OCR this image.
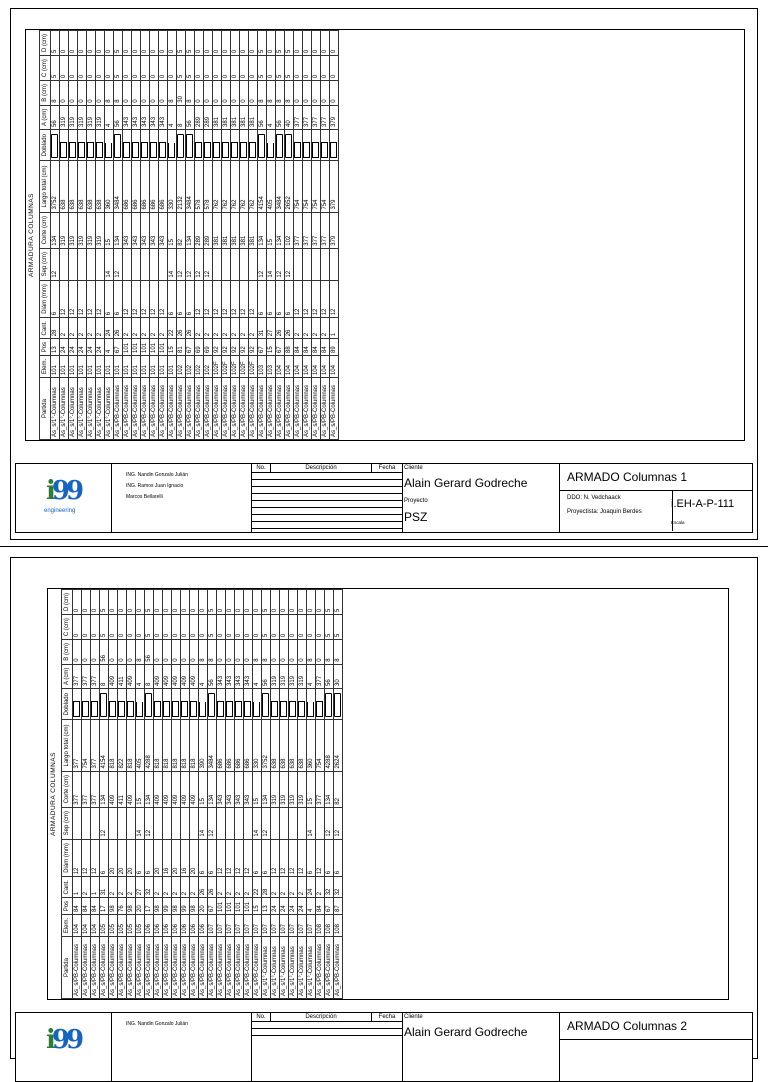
ARMADURA COLUMNAS												
Partida	Elem.	Pos	Cant.	Diám (mm)	Sep (cm)	Corte (cm)	Largo total (cm)	Doblado	A (cm)	B (cm)	C (cm)	D (cm)
As_s/1°-Columnas	101	13	28	6	12	134	3752		56	8	5	5
As_s/1°-Columnas	101	24	2	12		319	638		319	0	0	0
As_s/1°-Columnas	101	24	2	12		319	638		319	0	0	0
As_s/1°-Columnas	101	24	2	12		319	638		319	0	0	0
As_s/1°-Columnas	101	24	2	12		319	638		319	0	0	0
As_s/1°-Columnas	101	24	2	12		319	638		319	0	0	0
As_s/1°-Columnas	101	4	24	6	14	15	360		4	8	0	0
As_s/PB-Columnas	101	67	26	6	12	134	3484		56	8	5	5
As_s/PB-Columnas	101	101	2	12		343	686		343	0	0	0
As_s/PB-Columnas	101	101	2	12		343	686		343	0	0	0
As_s/PB-Columnas	101	101	2	12		343	686		343	0	0	0
As_s/PB-Columnas	101	101	2	12		343	686		343	0	0	0
As_s/PB-Columnas	101	101	2	12		343	686		343	0	0	0
As_s/PB-Columnas	101	15	22	6	14	15	330		4	8	0	0
As_s/PB-Columnas	102	81	26	6	12	82	2132		8	30	5	5
As_s/PB-Columnas	102	67	26	6	12	134	3484		56	8	5	5
As_s/PB-Columnas	102	69	2	12	12	289	578		289	0	0	0
As_s/PB-Columnas	102	69	2	12	12	289	578		289	0	0	0
As_s/PB-Columnas	102F	92	2	12		381	762		381	0	0	0
As_s/PB-Columnas	102F	92	2	12		381	762		381	0	0	0
As_s/PB-Columnas	102F	92	2	12		381	762		381	0	0	0
As_s/PB-Columnas	102F	92	2	12		381	762		381	0	0	0
As_s/PB-Columnas	102F	92	2	12		381	762		381	0	0	0
As_s/PB-Columnas	103	67	31	6	12	134	4154		56	8	5	5
As_s/PB-Columnas	103	15	27	6	14	15	405		4	8	0	0
As_s/PB-Columnas	104	67	26	6	12	134	3484		56	8	5	5
As_s/PB-Columnas	104	88	26	6	12	102	2652		40	8	5	5
As_s/PB-Columnas	104	84	2	12		377	754		377	0	0	0
As_s/PB-Columnas	104	84	2	12		377	754		377	0	0	0
As_s/PB-Columnas	104	84	2	12		377	754		377	0	0	0
As_s/PB-Columnas	104	84	2	12		377	754		377	0	0	0
As_s/PB-Columnas	104	89	1	12		379	379		379	0	0	0
i99
engineering
ING. Nandin Gonzalo Julián
ING. Ramos Juan Ignacio
Marcos Bellarelli
No.	Descripción	Fecha	Cliente
Alain Gerard Godreche
Proyecto
PSZ
ARMADO Columnas 1
DDO: N. Vedchaack
Proyectista: Joaquin Berdes
i.EH-A-P-111
Escala
ARMADURA COLUMNAS												
Partida	Elem.	Pos	Cant.	Diám (mm)	Sep (cm)	Corte (cm)	Largo total (cm)	Doblado	A (cm)	B (cm)	C (cm)	D (cm)
As_s/PB-Columnas	104	84	1	12		377	377		377	0	0	0
As_s/PB-Columnas	104	84	2	12		377	754		377	0	0	0
As_s/PB-Columnas	104	84	1	12		377	377		377	0	0	0
As_s/PB-Columnas	105	17	31	6	12	134	4154		8	56	5	5
As_s/PB-Columnas	105	98	2	20		409	818		409	0	0	0
As_s/PB-Columnas	105	76	2	20		411	822		411	0	0	0
As_s/PB-Columnas	105	98	2	20		409	818		409	0	0	0
As_s/PB-Columnas	105	20	27	6	14	15	405		4	8	0	0
As_s/PB-Columnas	106	17	32	6	12	134	4288		8	56	5	5
As_s/PB-Columnas	106	98	2	20		409	818		409	0	0	0
As_s/PB-Columnas	106	99	2	16		409	818		409	0	0	0
As_s/PB-Columnas	106	98	2	20		409	818		409	0	0	0
As_s/PB-Columnas	106	99	2	16		409	818		409	0	0	0
As_s/PB-Columnas	106	98	2	20		409	818		409	0	0	0
As_s/PB-Columnas	106	20	26	6	14	15	390		4	8	0	0
As_s/PB-Columnas	107	67	26	6	12	134	3484		56	8	5	5
As_s/PB-Columnas	107	101	2	12		343	686		343	0	0	0
As_s/PB-Columnas	107	101	2	12		343	686		343	0	0	0
As_s/PB-Columnas	107	101	2	12		343	686		343	0	0	0
As_s/PB-Columnas	107	101	2	12		343	686		343	0	0	0
As_s/PB-Columnas	107	15	22	6	14	15	330		4	8	0	0
As_s/1°-Columnas	107	13	28	6	12	134	3752		56	8	5	5
As_s/1°-Columnas	107	24	2	12		319	638		319	0	0	0
As_s/1°-Columnas	107	24	2	12		319	638		319	0	0	0
As_s/1°-Columnas	107	24	2	12		319	638		319	0	0	0
As_s/1°-Columnas	107	24	2	12		319	638		319	0	0	0
As_s/1°-Columnas	107	4	24	6	14	15	360		4	8	0	0
As_s/PB-Columnas	108	84	2	12		377	754		377	0	0	0
As_s/PB-Columnas	108	67	32	6	12	134	4288		56	8	5	5
As_s/PB-Columnas	108	87	32	6	12	82	2624		30	8	5	5
i99
ING. Nandin Gonzalo Julián
No.	Descripción	Fecha	Cliente
Alain Gerard Godreche	ARMADO Columnas 2
